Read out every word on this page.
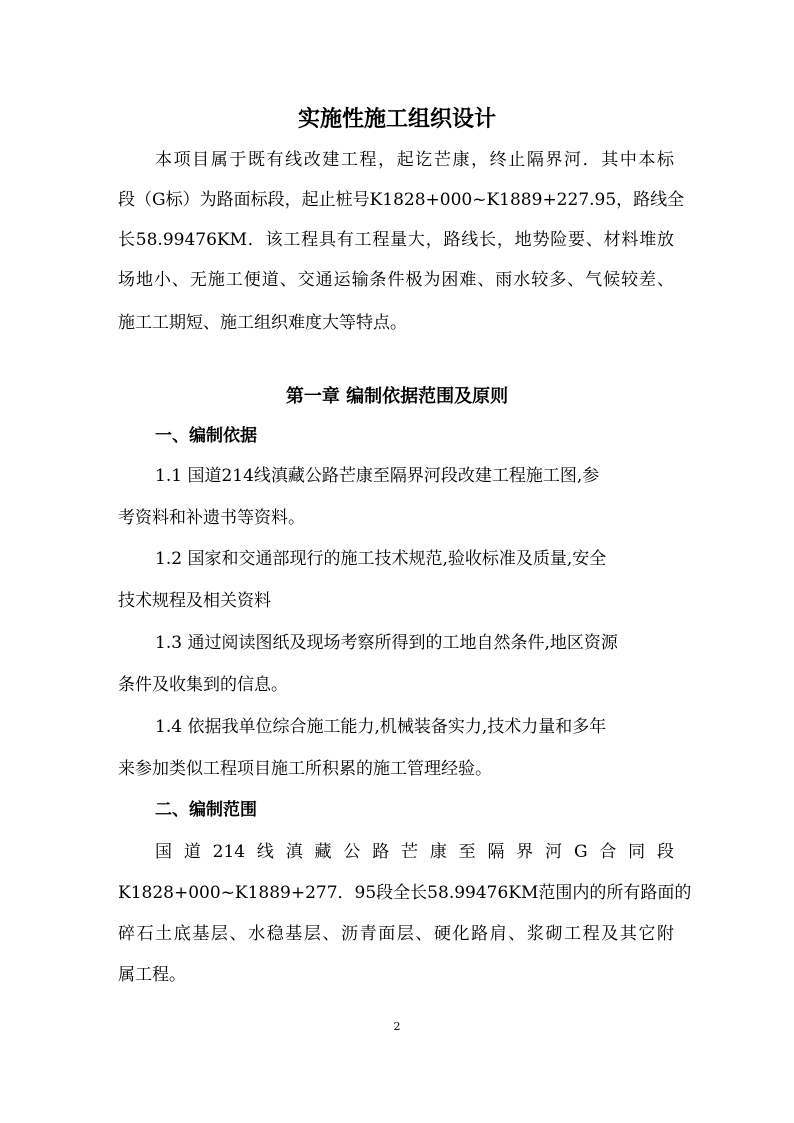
实施性施工组织设计
本项目属于既有线改建工程，起讫芒康，终止隔界河．其中本标
段（G标）为路面标段，起止桩号K1828+000~K1889+227.95，路线全
长58.99476KM．该工程具有工程量大，路线长，地势险要、材料堆放
场地小、无施工便道、交通运输条件极为困难、雨水较多、气候较差、
施工工期短、施工组织难度大等特点。
第一章 编制依据范围及原则
一、编制依据
1.1 国道214线滇藏公路芒康至隔界河段改建工程施工图,参
考资料和补遗书等资料。
1.2 国家和交通部现行的施工技术规范,验收标准及质量,安全
技术规程及相关资料
1.3 通过阅读图纸及现场考察所得到的工地自然条件,地区资源
条件及收集到的信息。
1.4 依据我单位综合施工能力,机械装备实力,技术力量和多年
来参加类似工程项目施工所积累的施工管理经验。
二、编制范围
国道214线滇藏公路芒康至隔界河G合同段
K1828+000~K1889+277．95段全长58.99476KM范围内的所有路面的
碎石土底基层、水稳基层、沥青面层、硬化路肩、浆砌工程及其它附
属工程。
2
